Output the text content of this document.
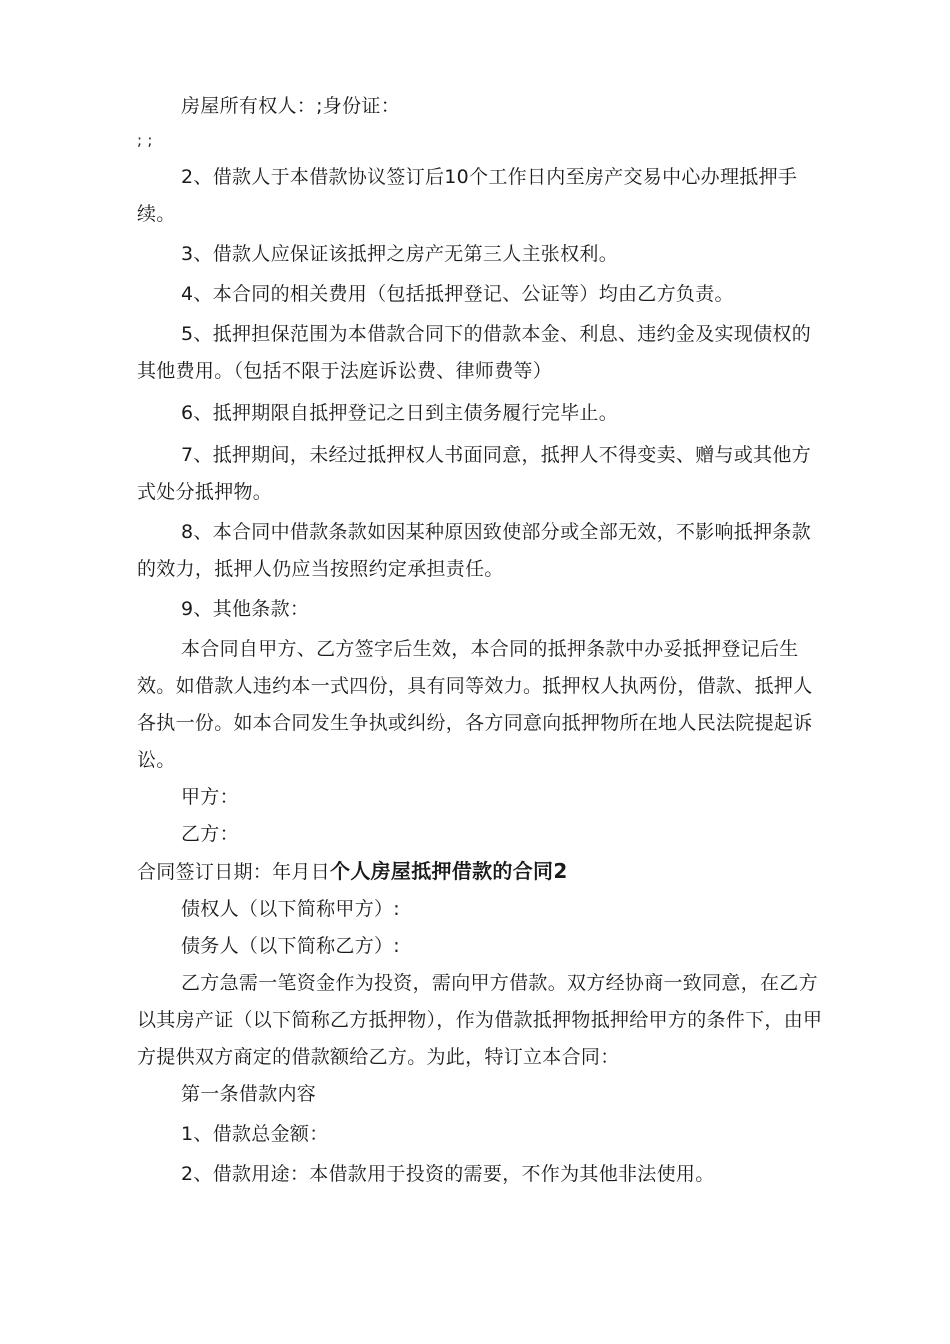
房屋所有权人：;身份证：

; ;

2、借款人于本借款协议签订后10个工作日内至房产交易中心办理抵押手续。

3、借款人应保证该抵押之房产无第三人主张权利。

4、本合同的相关费用（包括抵押登记、公证等）均由乙方负责。

5、抵押担保范围为本借款合同下的借款本金、利息、违约金及实现债权的其他费用。（包括不限于法庭诉讼费、律师费等）

6、抵押期限自抵押登记之日到主债务履行完毕止。

7、抵押期间，未经过抵押权人书面同意，抵押人不得变卖、赠与或其他方式处分抵押物。

8、本合同中借款条款如因某种原因致使部分或全部无效，不影响抵押条款的效力，抵押人仍应当按照约定承担责任。

9、其他条款：

本合同自甲方、乙方签字后生效，本合同的抵押条款中办妥抵押登记后生效。如借款人违约本一式四份，具有同等效力。抵押权人执两份，借款、抵押人各执一份。如本合同发生争执或纠纷，各方同意向抵押物所在地人民法院提起诉讼。

甲方：

乙方：

合同签订日期：年月日个人房屋抵押借款的合同2

债权人（以下简称甲方）:

债务人（以下简称乙方）:

乙方急需一笔资金作为投资，需向甲方借款。双方经协商一致同意，在乙方以其房产证（以下简称乙方抵押物），作为借款抵押物抵押给甲方的条件下，由甲方提供双方商定的借款额给乙方。为此，特订立本合同：

第一条借款内容

1、借款总金额：

2、借款用途：本借款用于投资的需要，不作为其他非法使用。
